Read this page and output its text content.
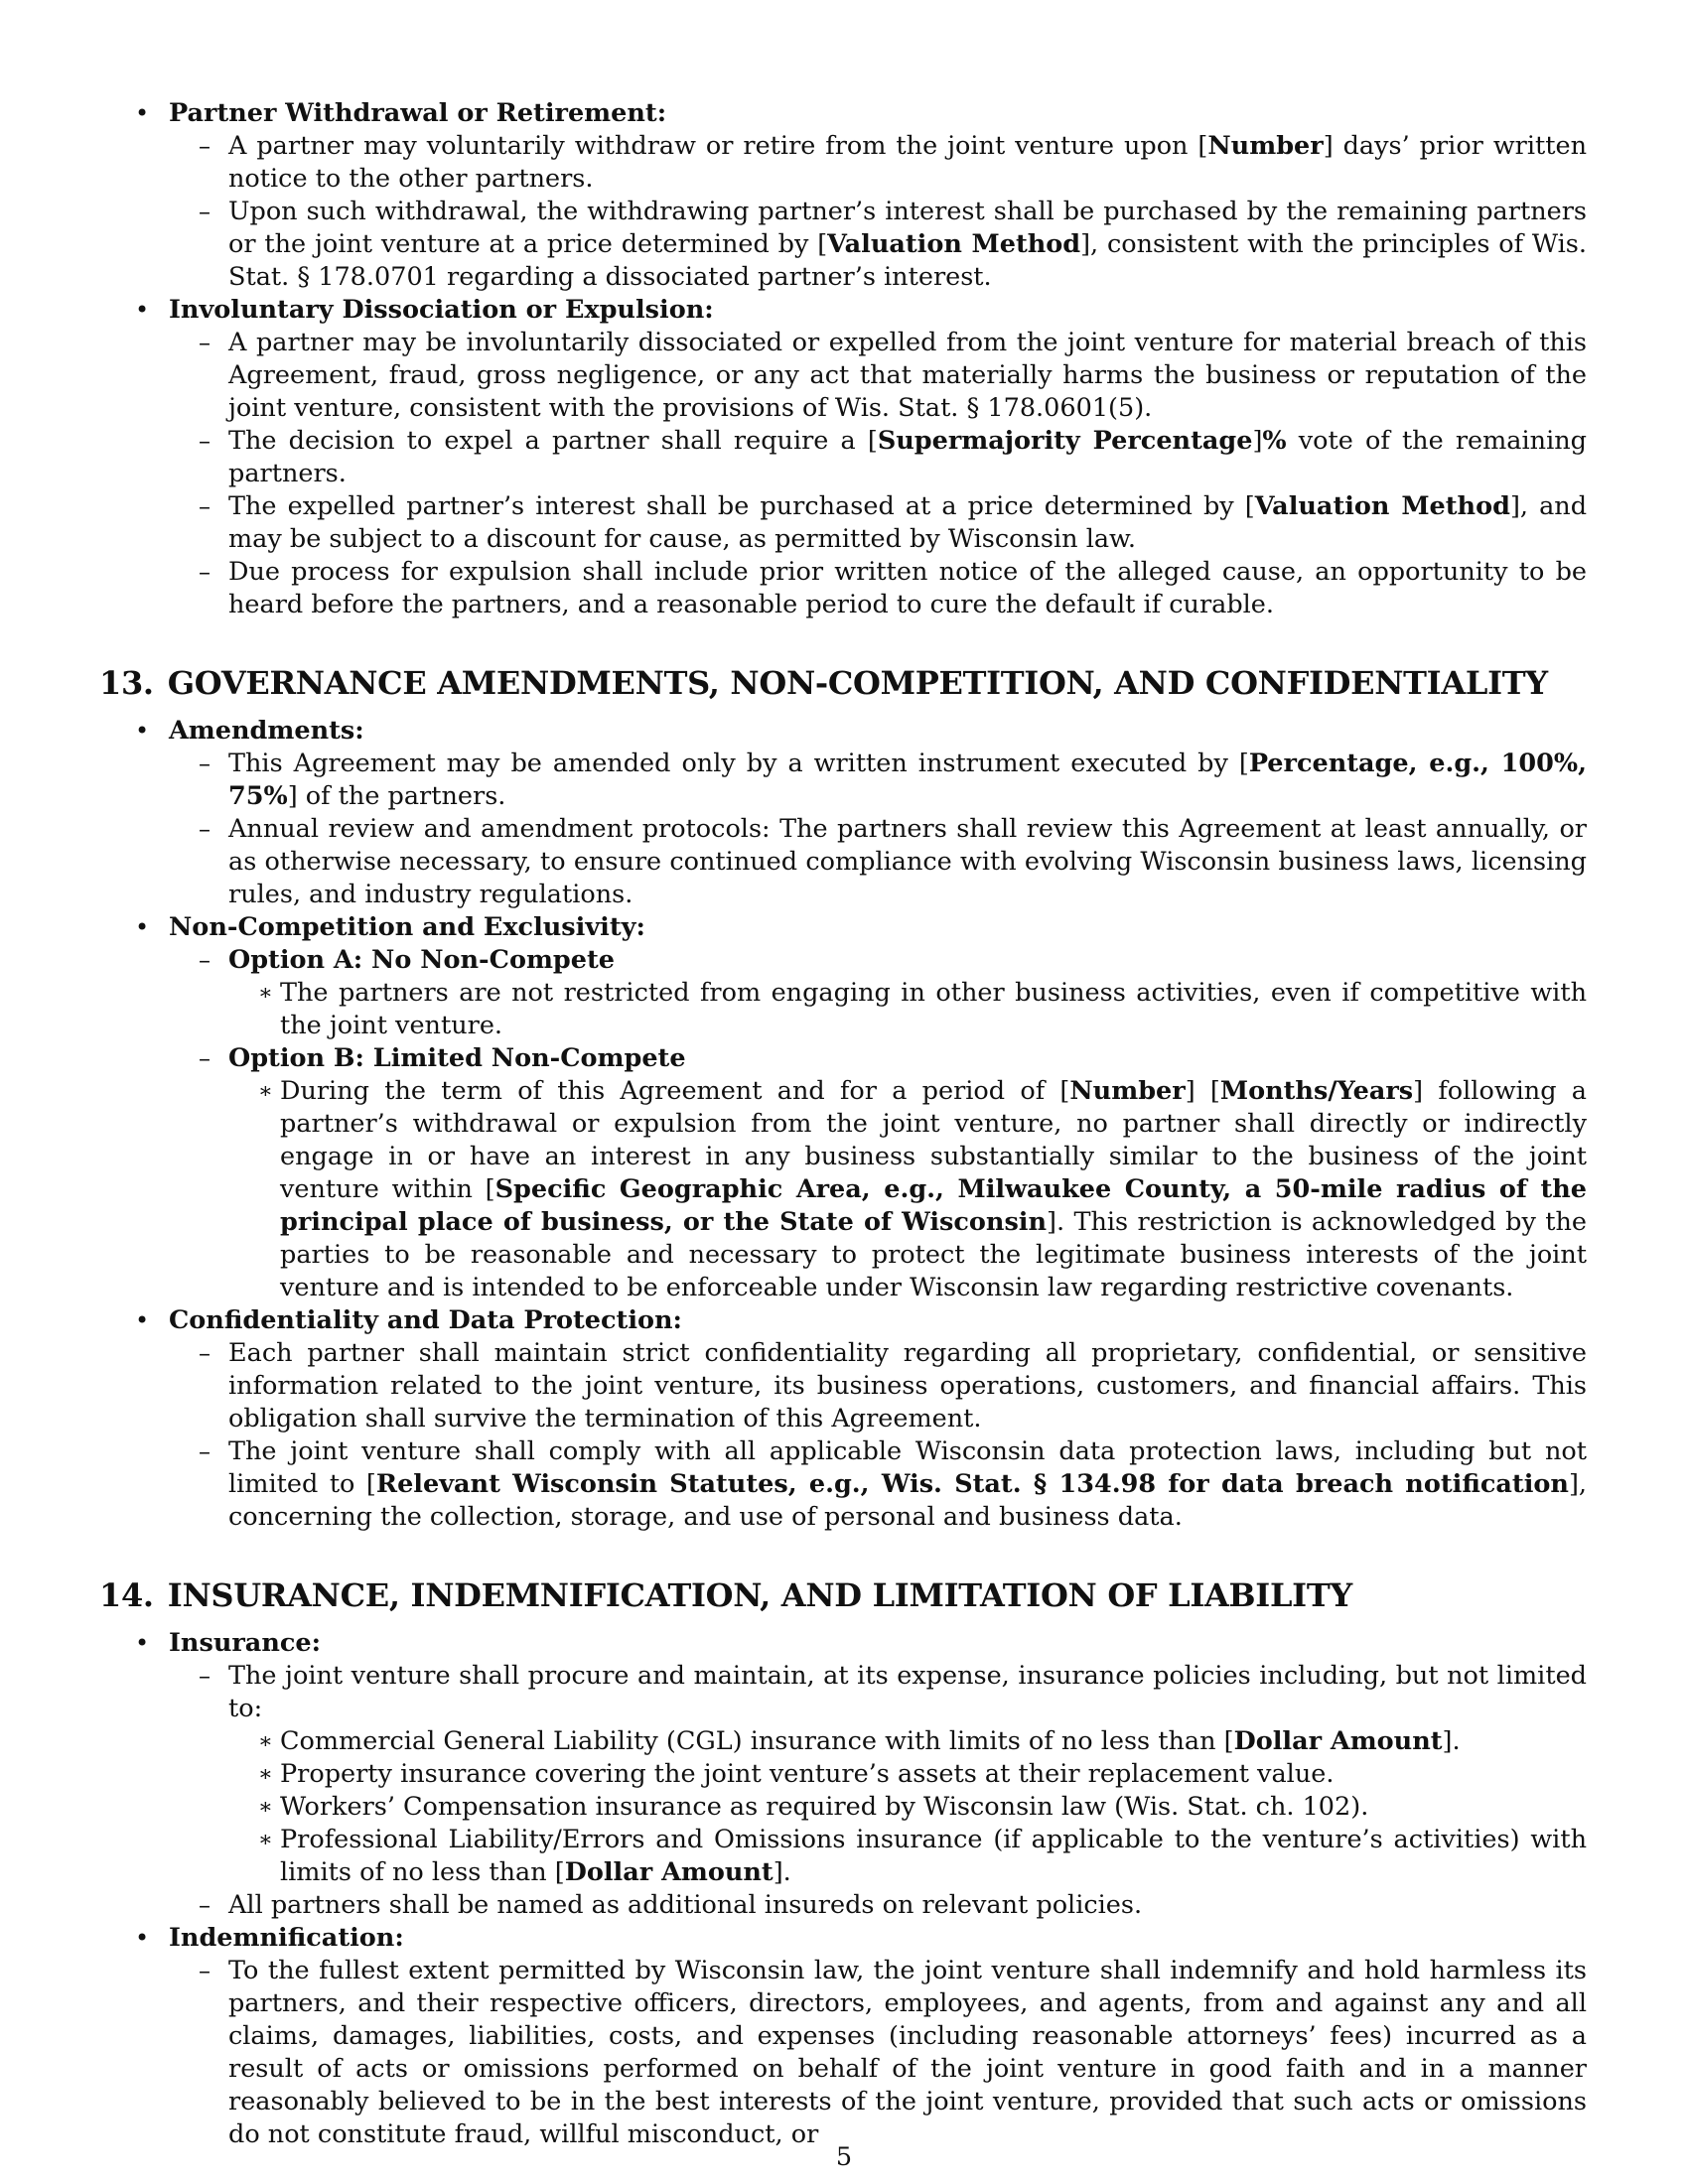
• Partner Withdrawal or Retirement:
– A partner may voluntarily withdraw or retire from the joint venture upon [Number] days’ prior written notice to the other partners.
– Upon such withdrawal, the withdrawing partner’s interest shall be purchased by the remaining partners or the joint venture at a price determined by [Valuation Method], consistent with the principles of Wis. Stat. § 178.0701 regarding a dissociated partner’s interest.
• Involuntary Dissociation or Expulsion:
– A partner may be involuntarily dissociated or expelled from the joint venture for material breach of this Agreement, fraud, gross negligence, or any act that materially harms the business or reputation of the joint venture, consistent with the provisions of Wis. Stat. § 178.0601(5).
– The decision to expel a partner shall require a [Supermajority Percentage]% vote of the remaining partners.
– The expelled partner’s interest shall be purchased at a price determined by [Valuation Method], and may be subject to a discount for cause, as permitted by Wisconsin law.
– Due process for expulsion shall include prior written notice of the alleged cause, an opportunity to be heard before the partners, and a reasonable period to cure the default if curable.
13. GOVERNANCE AMENDMENTS, NON-COMPETITION, AND CONFIDENTIALITY
• Amendments:
– This Agreement may be amended only by a written instrument executed by [Percentage, e.g., 100%, 75%] of the partners.
– Annual review and amendment protocols: The partners shall review this Agreement at least annually, or as otherwise necessary, to ensure continued compliance with evolving Wisconsin business laws, licensing rules, and industry regulations.
• Non-Competition and Exclusivity:
– Option A: No Non-Compete
∗ The partners are not restricted from engaging in other business activities, even if competitive with the joint venture.
– Option B: Limited Non-Compete
∗ During the term of this Agreement and for a period of [Number] [Months/Years] following a partner’s withdrawal or expulsion from the joint venture, no partner shall directly or indirectly engage in or have an interest in any business substantially similar to the business of the joint venture within [Specific Geographic Area, e.g., Milwaukee County, a 50-mile radius of the principal place of business, or the State of Wisconsin]. This restriction is acknowledged by the parties to be reasonable and necessary to protect the legitimate business interests of the joint venture and is intended to be enforceable under Wisconsin law regarding restrictive covenants.
• Confidentiality and Data Protection:
– Each partner shall maintain strict confidentiality regarding all proprietary, confidential, or sensitive information related to the joint venture, its business operations, customers, and financial affairs. This obligation shall survive the termination of this Agreement.
– The joint venture shall comply with all applicable Wisconsin data protection laws, including but not limited to [Relevant Wisconsin Statutes, e.g., Wis. Stat. § 134.98 for data breach notification], concerning the collection, storage, and use of personal and business data.
14. INSURANCE, INDEMNIFICATION, AND LIMITATION OF LIABILITY
• Insurance:
– The joint venture shall procure and maintain, at its expense, insurance policies including, but not limited to:
∗ Commercial General Liability (CGL) insurance with limits of no less than [Dollar Amount].
∗ Property insurance covering the joint venture’s assets at their replacement value.
∗ Workers’ Compensation insurance as required by Wisconsin law (Wis. Stat. ch. 102).
∗ Professional Liability/Errors and Omissions insurance (if applicable to the venture’s activities) with limits of no less than [Dollar Amount].
– All partners shall be named as additional insureds on relevant policies.
• Indemnification:
– To the fullest extent permitted by Wisconsin law, the joint venture shall indemnify and hold harmless its partners, and their respective officers, directors, employees, and agents, from and against any and all claims, damages, liabilities, costs, and expenses (including reasonable attorneys’ fees) incurred as a result of acts or omissions performed on behalf of the joint venture in good faith and in a manner reasonably believed to be in the best interests of the joint venture, provided that such acts or omissions do not constitute fraud, willful misconduct, or
5
